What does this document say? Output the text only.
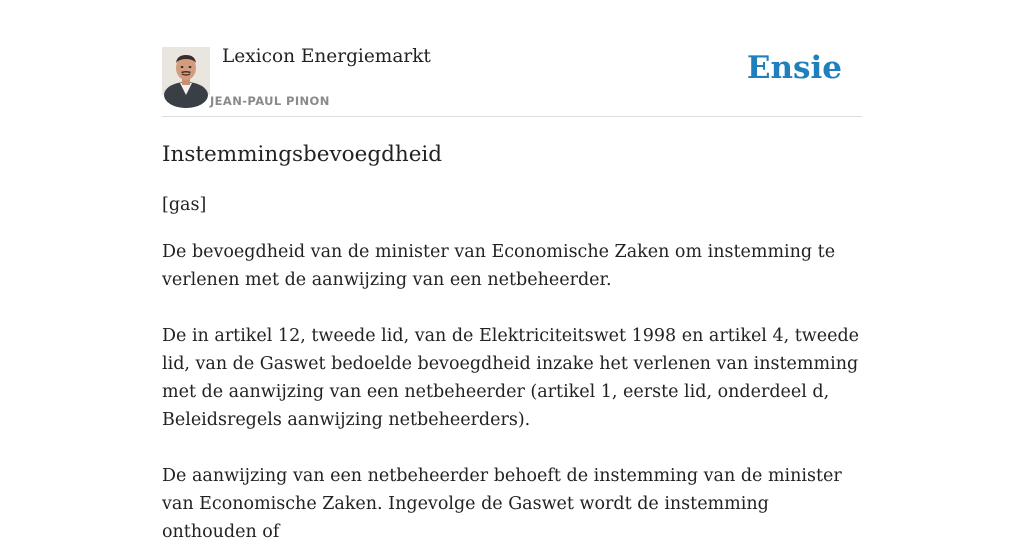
Lexicon Energiemarkt
JEAN-PAUL PINON
Ensie
Instemmingsbevoegdheid

[gas]

De bevoegdheid van de minister van Economische Zaken om instemming te verlenen met de aanwijzing van een netbeheerder.

De in artikel 12, tweede lid, van de Elektriciteitswet 1998 en artikel 4, tweede lid, van de Gaswet bedoelde bevoegdheid inzake het verlenen van instemming met de aanwijzing van een netbeheerder (artikel 1, eerste lid, onderdeel d, Beleidsregels aanwijzing netbeheerders).

De aanwijzing van een netbeheerder behoeft de instemming van de minister van Economische Zaken. Ingevolge de Gaswet wordt de instemming onthouden of
